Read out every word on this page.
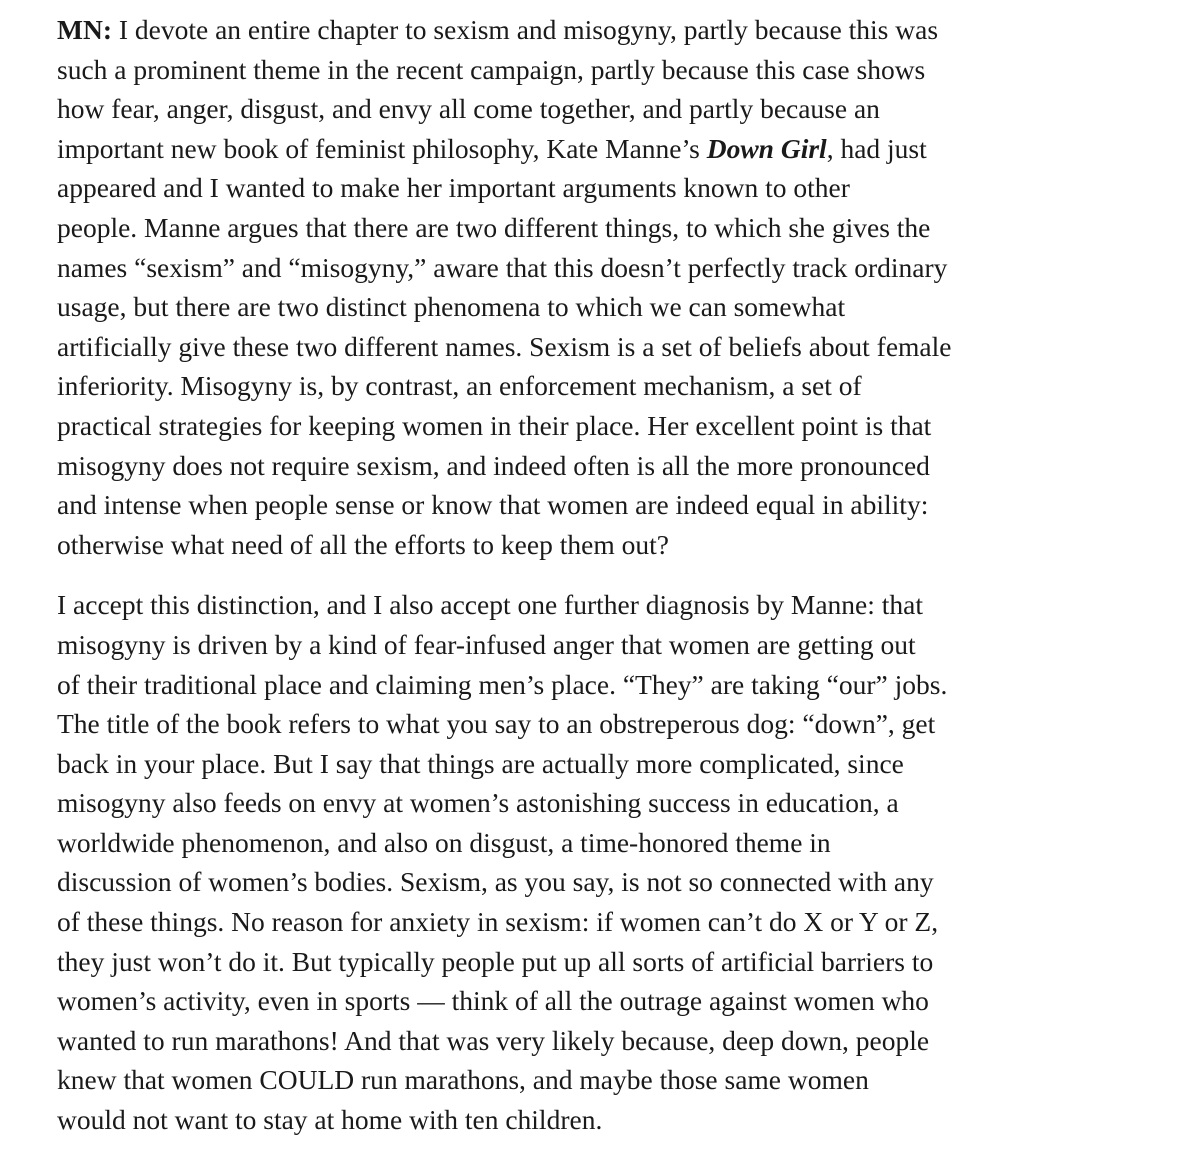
MN: I devote an entire chapter to sexism and misogyny, partly because this was
such a prominent theme in the recent campaign, partly because this case shows
how fear, anger, disgust, and envy all come together, and partly because an
important new book of feminist philosophy, Kate Manne’s Down Girl, had just
appeared and I wanted to make her important arguments known to other
people. Manne argues that there are two different things, to which she gives the
names “sexism” and “misogyny,” aware that this doesn’t perfectly track ordinary
usage, but there are two distinct phenomena to which we can somewhat
artificially give these two different names. Sexism is a set of beliefs about female
inferiority. Misogyny is, by contrast, an enforcement mechanism, a set of
practical strategies for keeping women in their place. Her excellent point is that
misogyny does not require sexism, and indeed often is all the more pronounced
and intense when people sense or know that women are indeed equal in ability:
otherwise what need of all the efforts to keep them out?
I accept this distinction, and I also accept one further diagnosis by Manne: that
misogyny is driven by a kind of fear-infused anger that women are getting out
of their traditional place and claiming men’s place. “They” are taking “our” jobs.
The title of the book refers to what you say to an obstreperous dog: “down”, get
back in your place. But I say that things are actually more complicated, since
misogyny also feeds on envy at women’s astonishing success in education, a
worldwide phenomenon, and also on disgust, a time-honored theme in
discussion of women’s bodies. Sexism, as you say, is not so connected with any
of these things. No reason for anxiety in sexism: if women can’t do X or Y or Z,
they just won’t do it. But typically people put up all sorts of artificial barriers to
women’s activity, even in sports — think of all the outrage against women who
wanted to run marathons! And that was very likely because, deep down, people
knew that women COULD run marathons, and maybe those same women
would not want to stay at home with ten children.
